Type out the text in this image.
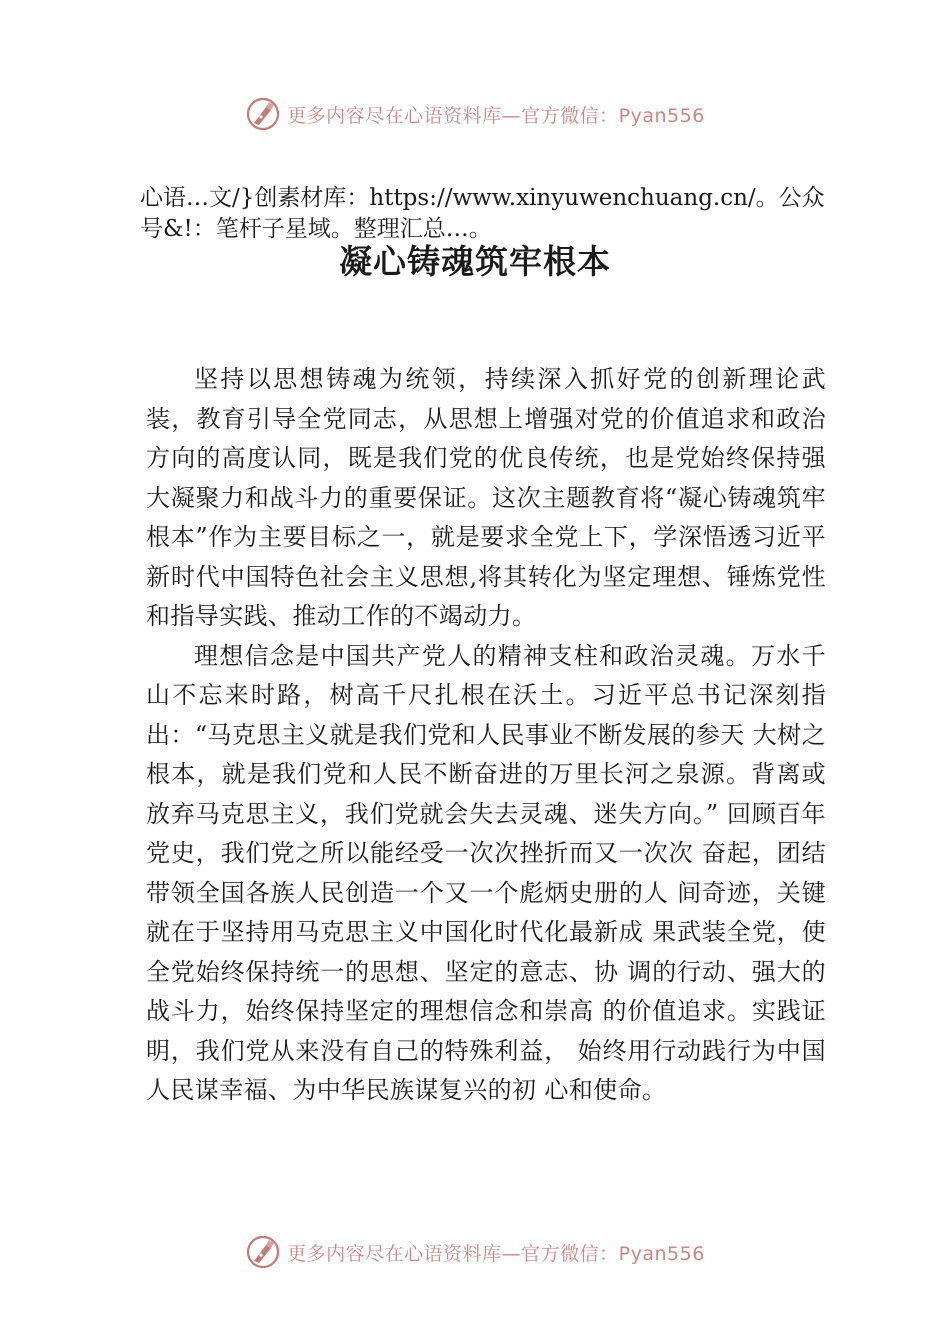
更多内容尽在心语资料库—官方微信：Pyan556
心语…文/}创素材库：https://www.xinyuwenchuang.cn/。公众号&!：笔杆子星域。整理汇总…。
凝心铸魂筑牢根本

坚持以思想铸魂为统领，持续深入抓好党的创新理论武装，教育引导全党同志，从思想上增强对党的价值追求和政治方向的高度认同，既是我们党的优良传统，也是党始终保持强大凝聚力和战斗力的重要保证。这次主题教育将“凝心铸魂筑牢根本”作为主要目标之一，就是要求全党上下，学深悟透习近平新时代中国特色社会主义思想,将其转化为坚定理想、锤炼党性和指导实践、推动工作的不竭动力。

理想信念是中国共产党人的精神支柱和政治灵魂。万水千山不忘来时路，树高千尺扎根在沃土。习近平总书记深刻指出：“马克思主义就是我们党和人民事业不断发展的参天 大树之根本，就是我们党和人民不断奋进的万里长河之泉源。背离或放弃马克思主义，我们党就会失去灵魂、迷失方向。” 回顾百年党史，我们党之所以能经受一次次挫折而又一次次 奋起，团结带领全国各族人民创造一个又一个彪炳史册的人 间奇迹，关键就在于坚持用马克思主义中国化时代化最新成 果武装全党，使全党始终保持统一的思想、坚定的意志、协 调的行动、强大的战斗力，始终保持坚定的理想信念和崇高 的价值追求。实践证明，我们党从来没有自己的特殊利益， 始终用行动践行为中国人民谋幸福、为中华民族谋复兴的初 心和使命。

更多内容尽在心语资料库—官方微信：Pyan556
